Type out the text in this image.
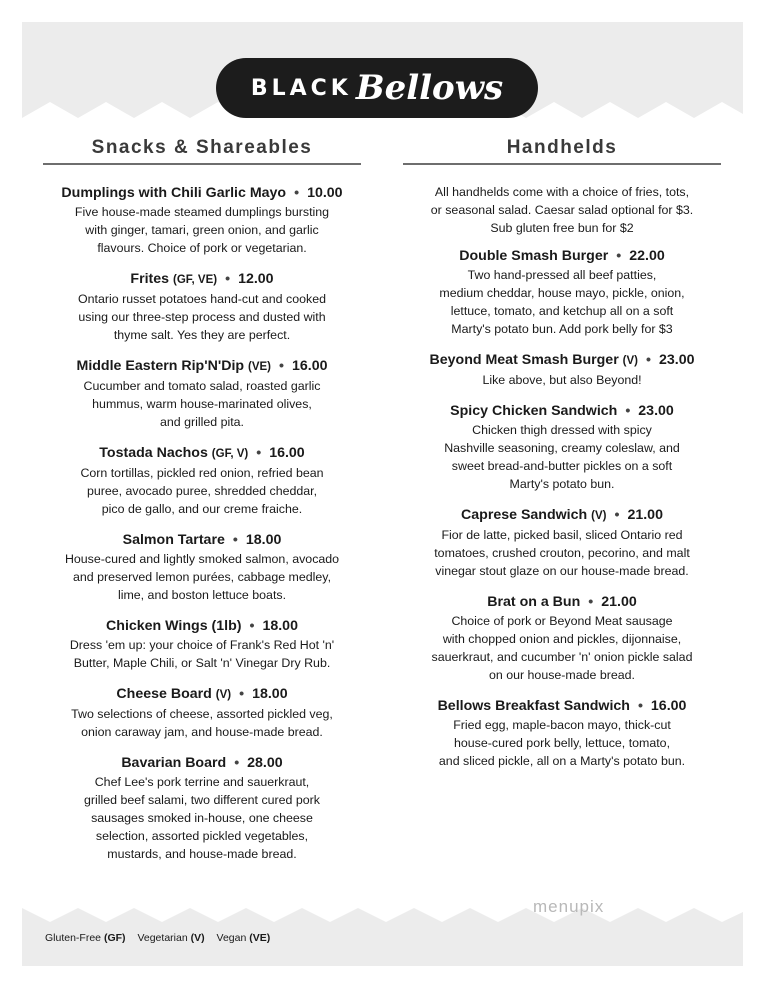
BLACK Bellows
Snacks & Shareables
Dumplings with Chili Garlic Mayo • 10.00
Five house-made steamed dumplings bursting
with ginger, tamari, green onion, and garlic
flavours. Choice of pork or vegetarian.
Frites (GF, VE) • 12.00
Ontario russet potatoes hand-cut and cooked
using our three-step process and dusted with
thyme salt. Yes they are perfect.
Middle Eastern Rip'N'Dip (VE) • 16.00
Cucumber and tomato salad, roasted garlic
hummus, warm house-marinated olives,
and grilled pita.
Tostada Nachos (GF, V) • 16.00
Corn tortillas, pickled red onion, refried bean
puree, avocado puree, shredded cheddar,
pico de gallo, and our creme fraiche.
Salmon Tartare • 18.00
House-cured and lightly smoked salmon, avocado
and preserved lemon purées, cabbage medley,
lime, and boston lettuce boats.
Chicken Wings (1lb) • 18.00
Dress 'em up: your choice of Frank's Red Hot 'n'
Butter, Maple Chili, or Salt 'n' Vinegar Dry Rub.
Cheese Board (V) • 18.00
Two selections of cheese, assorted pickled veg,
onion caraway jam, and house-made bread.
Bavarian Board • 28.00
Chef Lee's pork terrine and sauerkraut,
grilled beef salami, two different cured pork
sausages smoked in-house, one cheese
selection, assorted pickled vegetables,
mustards, and house-made bread.
Handhelds
All handhelds come with a choice of fries, tots,
or seasonal salad. Caesar salad optional for $3.
Sub gluten free bun for $2
Double Smash Burger • 22.00
Two hand-pressed all beef patties,
medium cheddar, house mayo, pickle, onion,
lettuce, tomato, and ketchup all on a soft
Marty's potato bun. Add pork belly for $3
Beyond Meat Smash Burger (V) • 23.00
Like above, but also Beyond!
Spicy Chicken Sandwich • 23.00
Chicken thigh dressed with spicy
Nashville seasoning, creamy coleslaw, and
sweet bread-and-butter pickles on a soft
Marty's potato bun.
Caprese Sandwich (V) • 21.00
Fior de latte, picked basil, sliced Ontario red
tomatoes, crushed crouton, pecorino, and malt
vinegar stout glaze on our house-made bread.
Brat on a Bun • 21.00
Choice of pork or Beyond Meat sausage
with chopped onion and pickles, dijonnaise,
sauerkraut, and cucumber 'n' onion pickle salad
on our house-made bread.
Bellows Breakfast Sandwich • 16.00
Fried egg, maple-bacon mayo, thick-cut
house-cured pork belly, lettuce, tomato,
and sliced pickle, all on a Marty's potato bun.
menupix
Gluten-Free (GF) Vegetarian (V) Vegan (VE)
